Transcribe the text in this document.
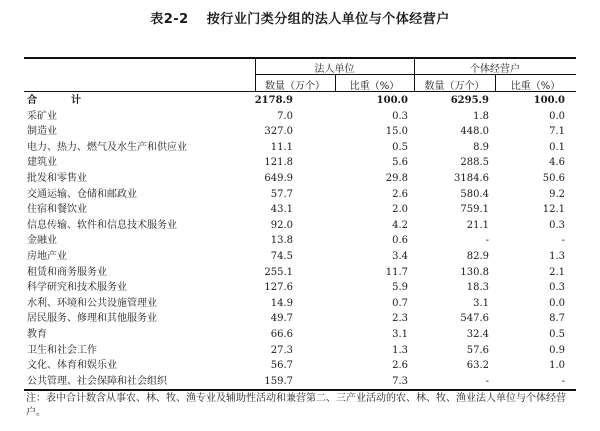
表2-2 按行业门类分组的法人单位与个体经营户
法人单位	个体经营户
数量（万个）	比重（%）	数量（万个）	比重（%）
合　计	2178.9	100.0	6295.9	100.0
采矿业	7.0	0.3	1.8	0.0
制造业	327.0	15.0	448.0	7.1
电力、热力、燃气及水生产和供应业	11.1	0.5	8.9	0.1
建筑业	121.8	5.6	288.5	4.6
批发和零售业	649.9	29.8	3184.6	50.6
交通运输、仓储和邮政业	57.7	2.6	580.4	9.2
住宿和餐饮业	43.1	2.0	759.1	12.1
信息传输、软件和信息技术服务业	92.0	4.2	21.1	0.3
金融业	13.8	0.6	-	-
房地产业	74.5	3.4	82.9	1.3
租赁和商务服务业	255.1	11.7	130.8	2.1
科学研究和技术服务业	127.6	5.9	18.3	0.3
水利、环境和公共设施管理业	14.9	0.7	3.1	0.0
居民服务、修理和其他服务业	49.7	2.3	547.6	8.7
教育	66.6	3.1	32.4	0.5
卫生和社会工作	27.3	1.3	57.6	0.9
文化、体育和娱乐业	56.7	2.6	63.2	1.0
公共管理、社会保障和社会组织	159.7	7.3	-	-
注：表中合计数含从事农、林、牧、渔专业及辅助性活动和兼营第二、三产业活动的农、林、牧、渔业法人单位与个体经营户。
